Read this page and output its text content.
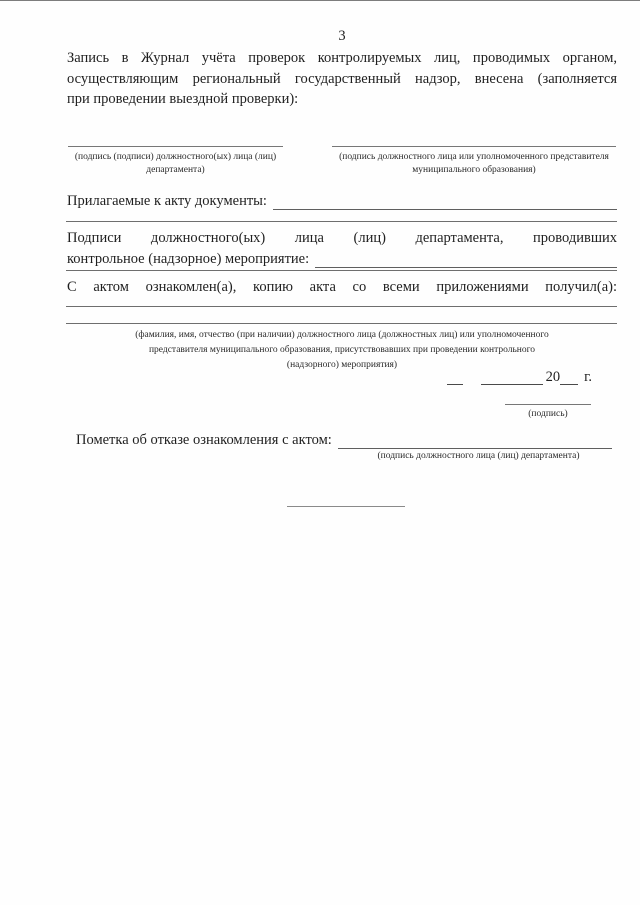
3
Запись в Журнал учёта проверок контролируемых лиц, проводимых органом,
осуществляющим региональный государственный надзор, внесена (заполняется
при проведении выездной проверки):
(подпись (подписи) должностного(ых) лица (лиц) департамента)
(подпись должностного лица или уполномоченного представителя муниципального образования)
Прилагаемые к акту документы:
Подписи должностного(ых) лица (лиц) департамента, проводивших
контрольное (надзорное) мероприятие:
С актом ознакомлен(а), копию акта со всеми приложениями получил(а):
(фамилия, имя, отчество (при наличии) должностного лица (должностных лиц) или уполномоченного
представителя муниципального образования, присутствовавших при проведении контрольного
(надзорного) мероприятия)
20 г.
(подпись)
Пометка об отказе ознакомления с актом:
(подпись должностного лица (лиц) департамента)
